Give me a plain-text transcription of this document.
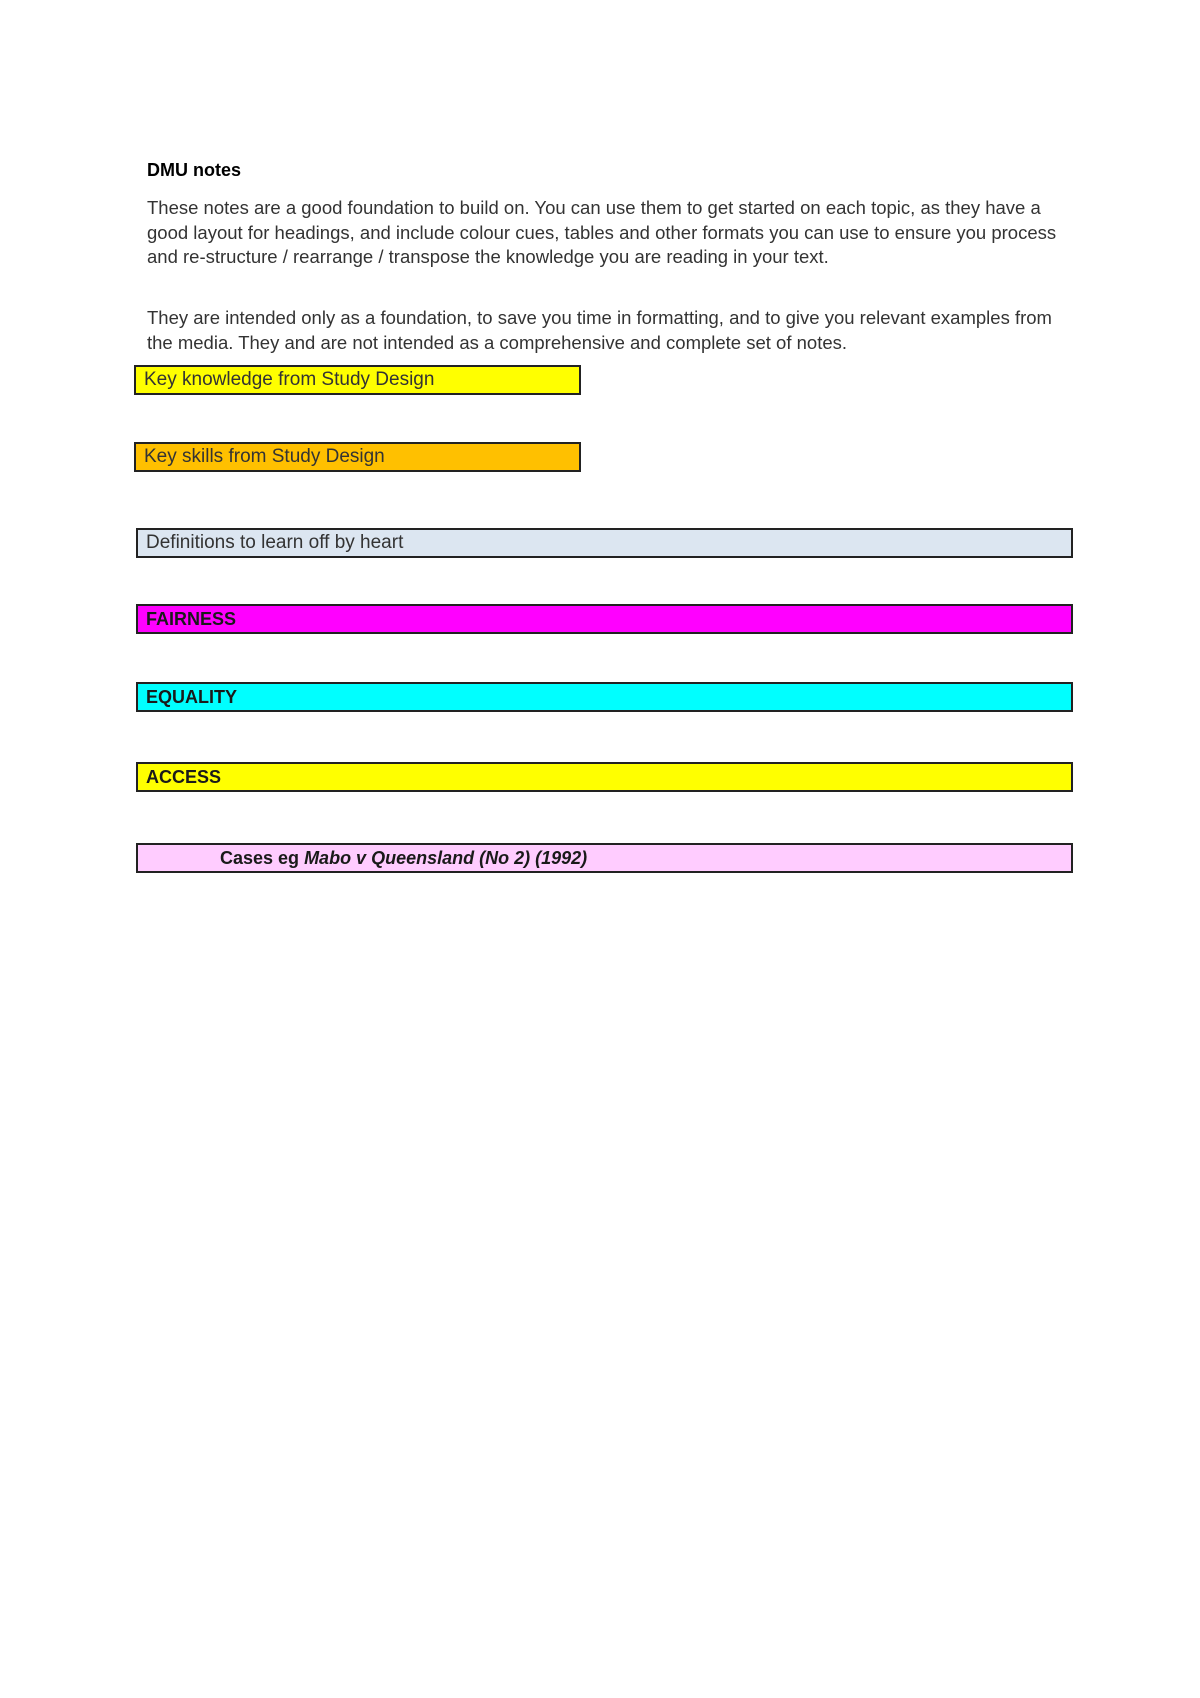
DMU notes

These notes are a good foundation to build on. You can use them to get started on each topic, as they have a good layout for headings, and include colour cues, tables and other formats you can use to ensure you process and re-structure / rearrange / transpose the knowledge you are reading in your text.

They are intended only as a foundation, to save you time in formatting, and to give you relevant examples from the media. They and are not intended as a comprehensive and complete set of notes.

Key knowledge from Study Design
Key skills from Study Design
Definitions to learn off by heart
FAIRNESS
EQUALITY
ACCESS
Cases eg Mabo v Queensland (No 2) (1992)
